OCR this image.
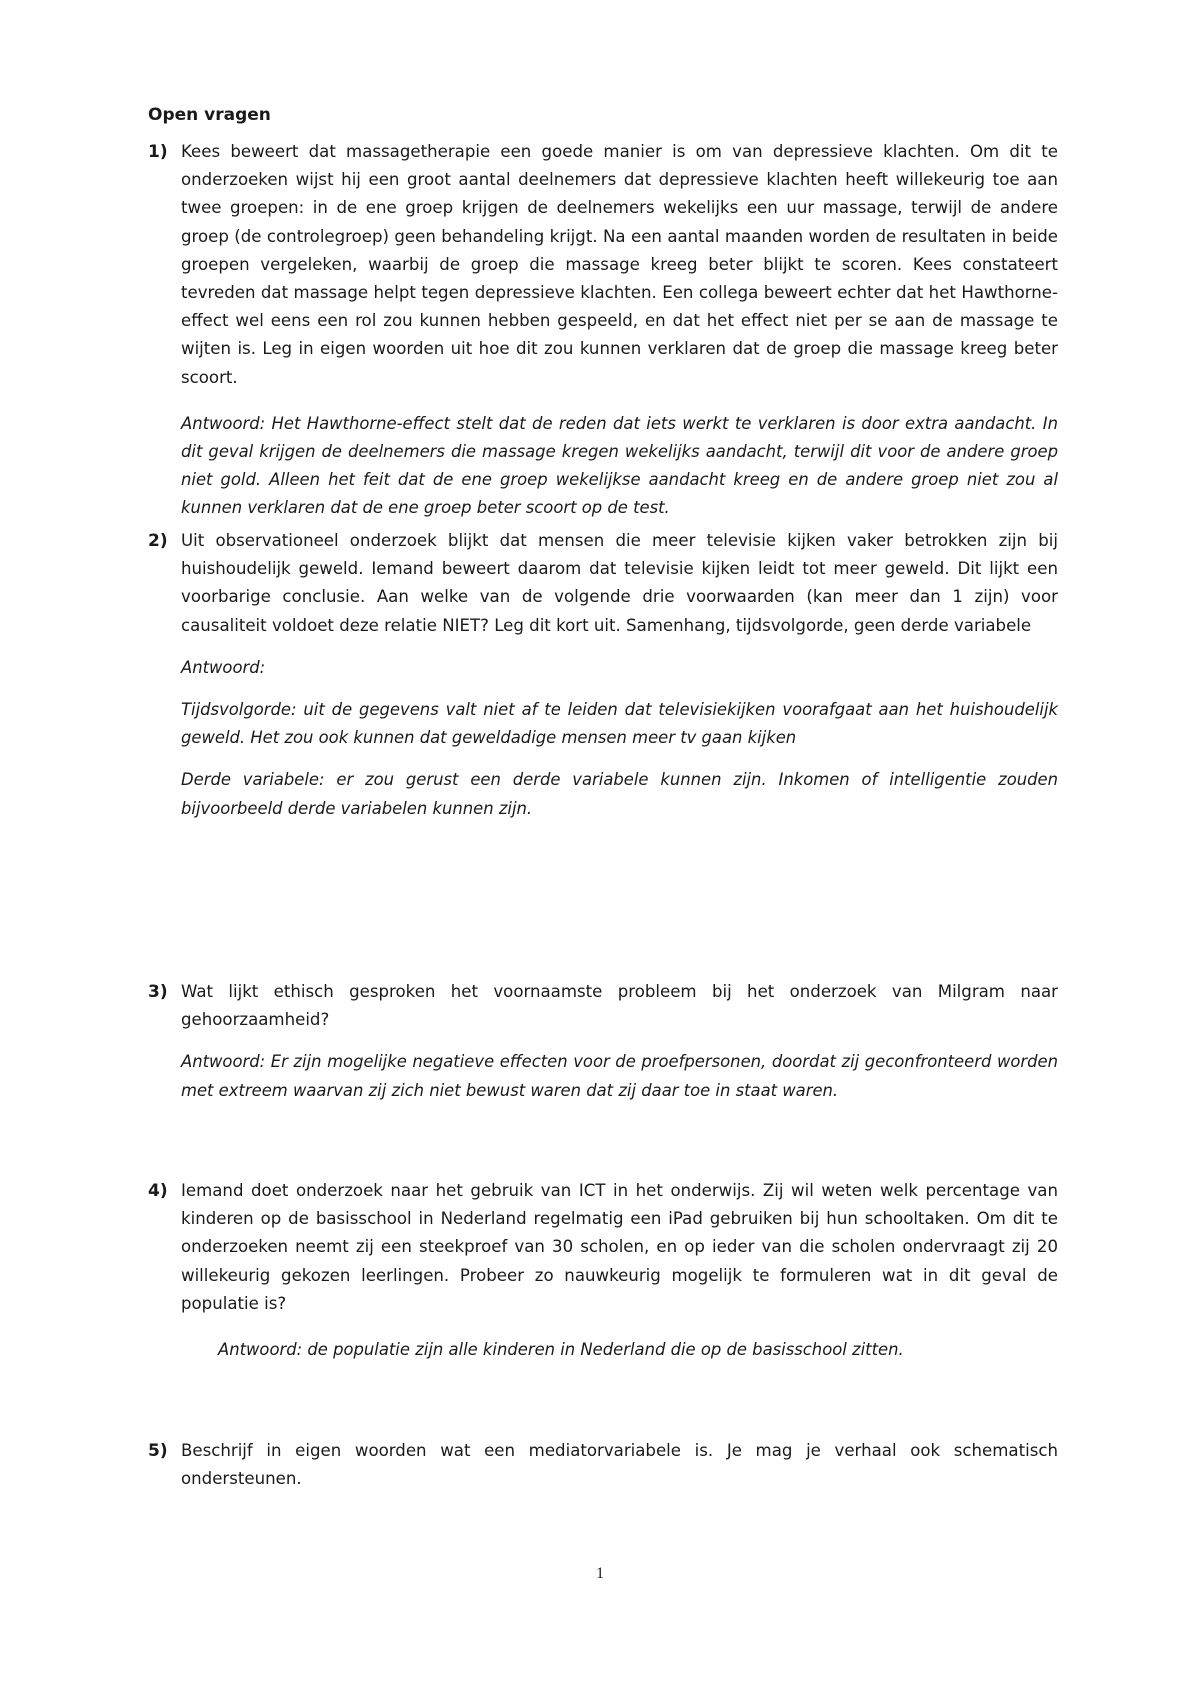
Open vragen
1) Kees beweert dat massagetherapie een goede manier is om van depressieve klachten. Om dit te onderzoeken wijst hij een groot aantal deelnemers dat depressieve klachten heeft willekeurig toe aan twee groepen: in de ene groep krijgen de deelnemers wekelijks een uur massage, terwijl de andere groep (de controlegroep) geen behandeling krijgt. Na een aantal maanden worden de resultaten in beide groepen vergeleken, waarbij de groep die massage kreeg beter blijkt te scoren. Kees constateert tevreden dat massage helpt tegen depressieve klachten. Een collega beweert echter dat het Hawthorne-effect wel eens een rol zou kunnen hebben gespeeld, en dat het effect niet per se aan de massage te wijten is. Leg in eigen woorden uit hoe dit zou kunnen verklaren dat de groep die massage kreeg beter scoort.
Antwoord: Het Hawthorne-effect stelt dat de reden dat iets werkt te verklaren is door extra aandacht. In dit geval krijgen de deelnemers die massage kregen wekelijks aandacht, terwijl dit voor de andere groep niet gold. Alleen het feit dat de ene groep wekelijkse aandacht kreeg en de andere groep niet zou al kunnen verklaren dat de ene groep beter scoort op de test.
2) Uit observationeel onderzoek blijkt dat mensen die meer televisie kijken vaker betrokken zijn bij huishoudelijk geweld. Iemand beweert daarom dat televisie kijken leidt tot meer geweld. Dit lijkt een voorbarige conclusie. Aan welke van de volgende drie voorwaarden (kan meer dan 1 zijn) voor causaliteit voldoet deze relatie NIET? Leg dit kort uit. Samenhang, tijdsvolgorde, geen derde variabele
Antwoord:
Tijdsvolgorde: uit de gegevens valt niet af te leiden dat televisiekijken voorafgaat aan het huishoudelijk geweld. Het zou ook kunnen dat geweldadige mensen meer tv gaan kijken
Derde variabele: er zou gerust een derde variabele kunnen zijn. Inkomen of intelligentie zouden bijvoorbeeld derde variabelen kunnen zijn.
3) Wat lijkt ethisch gesproken het voornaamste probleem bij het onderzoek van Milgram naar gehoorzaamheid?
Antwoord: Er zijn mogelijke negatieve effecten voor de proefpersonen, doordat zij geconfronteerd worden met extreem waarvan zij zich niet bewust waren dat zij daar toe in staat waren.
4) Iemand doet onderzoek naar het gebruik van ICT in het onderwijs. Zij wil weten welk percentage van kinderen op de basisschool in Nederland regelmatig een iPad gebruiken bij hun schooltaken. Om dit te onderzoeken neemt zij een steekproef van 30 scholen, en op ieder van die scholen ondervraagt zij 20 willekeurig gekozen leerlingen. Probeer zo nauwkeurig mogelijk te formuleren wat in dit geval de populatie is?
Antwoord: de populatie zijn alle kinderen in Nederland die op de basisschool zitten.
5) Beschrijf in eigen woorden wat een mediatorvariabele is. Je mag je verhaal ook schematisch ondersteunen.
1
